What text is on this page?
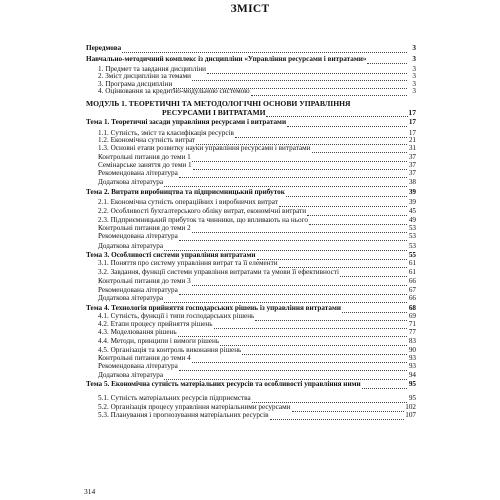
ЗМІСТ
Передмова	3
Навчально-методичний комплекс із дисципліни «Управління ресурсами і витратами»	3
1. Предмет та завдання дисципліни	3
2. Зміст дисципліни за темами	3
3. Програма дисципліни	3
4. Оцінювання за кредитно-модульною системою	3
МОДУЛЬ 1. ТЕОРЕТИЧНІ ТА МЕТОДОЛОГІЧНІ ОСНОВИ УПРАВЛІННЯ
РЕСУРСАМИ І ВИТРАТАМИ	17
Тема 1. Теоретичні засади управління ресурсами і витратами	17
1.1. Сутність, зміст та класифікація ресурсів	17
1.2. Економічна сутність витрат	21
1.3. Основні етапи розвитку науки управління ресурсами і витратами	31
Контрольні питання до теми 1	37
Семінарське заняття до теми 1	37
Рекомендована література	37
Додаткова література	38
Тема 2. Витрати виробництва та підприємницький прибуток	39
2.1. Економічна сутність операційних і виробничих витрат	39
2.2. Особливості бухгалтерського обліку витрат, економічні витрати	45
2.3. Підприємницький прибуток та чинники, що впливають на нього	49
Контрольні питання до теми 2	53
Рекомендована література	53
Додаткова література	53
Тема 3. Особливості системи управління витратами	55
3.1. Поняття про систему управління витрат та її елементи	61
3.2. Завдання, функції системи управління витратами та умови її ефективності	61
Контрольні питання до теми 3	66
Рекомендована література	67
Додаткова література	66
Тема 4. Технологія прийняття господарських рішень із управління витратами	68
4.1. Сутність, функції і типи господарських рішень	69
4.2. Етапи процесу прийняття рішень	71
4.3. Моделювання рішень	77
4.4. Методи, принципи і вимоги рішень	83
4.5. Організація та контроль виконання рішень	90
Контрольні питання до теми 4	93
Рекомендована література	93
Додаткова література	94
Тема 5. Економічна сутність матеріальних ресурсів та особливості управління ними	95
5.1. Сутність матеріальних ресурсів підприємства	95
5.2. Організація процесу управління матеріальними ресурсами	102
5.3. Планування і прогнозування матеріальних ресурсів	107
314
